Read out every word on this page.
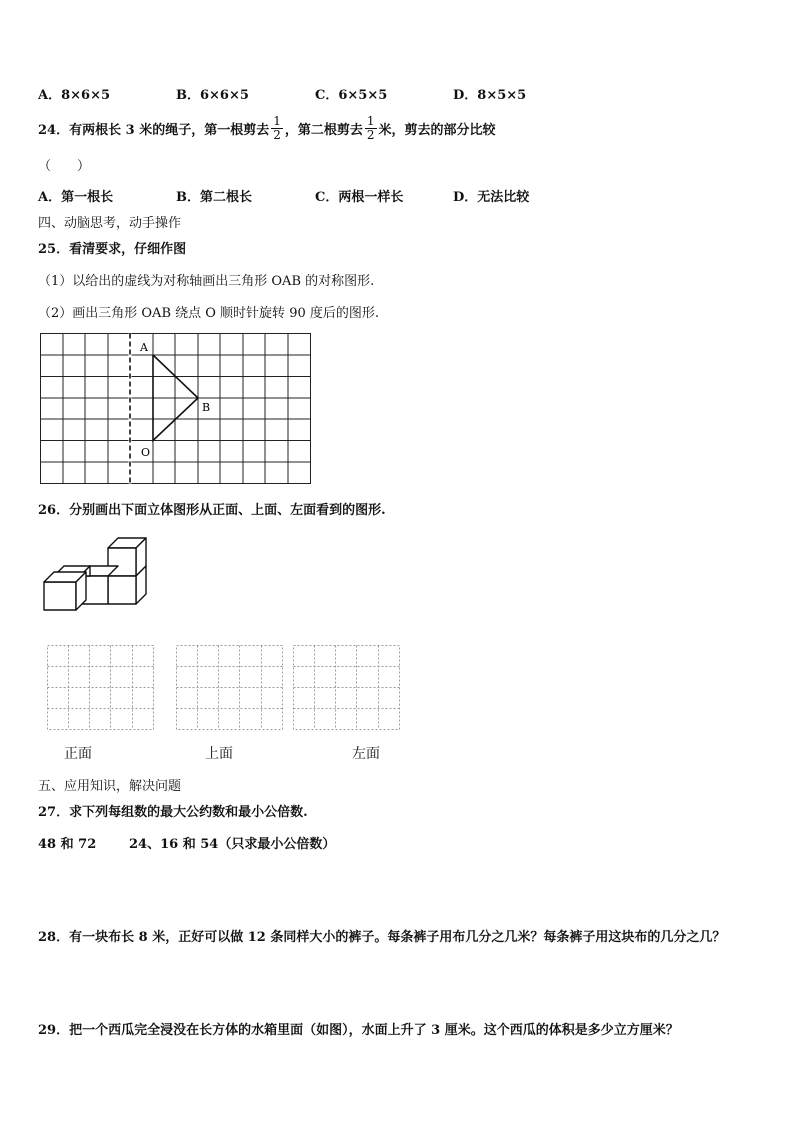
A．8×6×5	B．6×6×5	C．6×5×5	D．8×5×5
24．有两根长 3 米的绳子，第一根剪去 $\frac{1}{2}$ ，第二根剪去 $\frac{1}{2}$ 米，剪去的部分比较
（　　）
A．第一根长	B．第二根长	C．两根一样长	D．无法比较
四、动脑思考，动手操作
25．看清要求，仔细作图
（1）以给出的虚线为对称轴画出三角形 OAB 的对称图形.
（2）画出三角形 OAB 绕点 O 顺时针旋转 90 度后的图形.
A
B
O
26．分别画出下面立体图形从正面、上面、左面看到的图形.
正面	上面	左面
五、应用知识，解决问题
27．求下列每组数的最大公约数和最小公倍数.
48 和 72	24、16 和 54（只求最小公倍数）
28．有一块布长 8 米，正好可以做 12 条同样大小的裤子。每条裤子用布几分之几米？每条裤子用这块布的几分之几？
29．把一个西瓜完全浸没在长方体的水箱里面（如图），水面上升了 3 厘米。这个西瓜的体积是多少立方厘米？
